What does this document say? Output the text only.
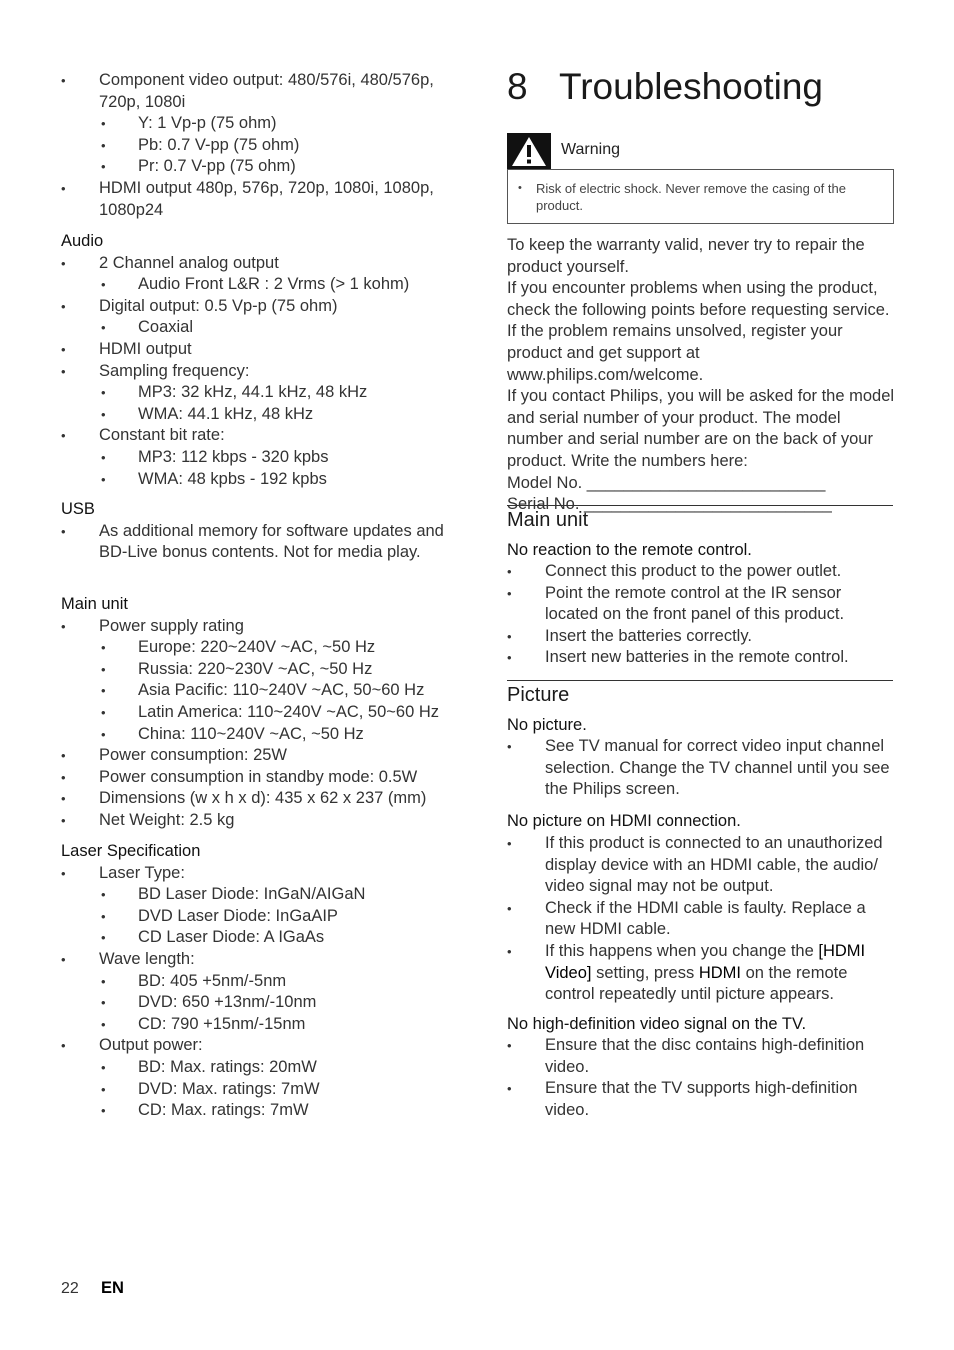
• Component video output: 480/576i, 480/576p, 720p, 1080i
• Y: 1 Vp-p (75 ohm)
• Pb: 0.7 V-pp (75 ohm)
• Pr: 0.7 V-pp (75 ohm)
• HDMI output 480p, 576p, 720p, 1080i, 1080p, 1080p24

Audio

• 2 Channel analog output
• Audio Front L&R : 2 Vrms (> 1 kohm)
• Digital output: 0.5 Vp-p (75 ohm)
• Coaxial
• HDMI output
• Sampling frequency:
• MP3: 32 kHz, 44.1 kHz, 48 kHz
• WMA: 44.1 kHz, 48 kHz
• Constant bit rate:
• MP3: 112 kbps - 320 kpbs
• WMA: 48 kpbs - 192 kpbs

USB

• As additional memory for software updates and BD-Live bonus contents. Not for media play.

Main unit

• Power supply rating
• Europe: 220~240V ~AC, ~50 Hz
• Russia: 220~230V ~AC, ~50 Hz
• Asia Pacific: 110~240V ~AC, 50~60 Hz
• Latin America: 110~240V ~AC, 50~60 Hz
• China: 110~240V ~AC, ~50 Hz
• Power consumption: 25W
• Power consumption in standby mode: 0.5W
• Dimensions (w x h x d): 435 x 62 x 237 (mm)
• Net Weight: 2.5 kg

Laser Specification

• Laser Type:
• BD Laser Diode: InGaN/AIGaN
• DVD Laser Diode: InGaAIP
• CD Laser Diode: A IGaAs
• Wave length:
• BD: 405 +5nm/-5nm
• DVD: 650 +13nm/-10nm
• CD: 790 +15nm/-15nm
• Output power:
• BD: Max. ratings: 20mW
• DVD: Max. ratings: 7mW
• CD: Max. ratings: 7mW
8 Troubleshooting
Warning
• Risk of electric shock. Never remove the casing of the product.

To keep the warranty valid, never try to repair the product yourself.
If you encounter problems when using the product, check the following points before requesting service. If the problem remains unsolved, register your product and get support at www.philips.com/welcome.
If you contact Philips, you will be asked for the model and serial number of your product. The model number and serial number are on the back of your product. Write the numbers here:
Model No. __________________________
Serial No. ___________________________

Main unit

No reaction to the remote control.

• Connect this product to the power outlet.
• Point the remote control at the IR sensor located on the front panel of this product.
• Insert the batteries correctly.
• Insert new batteries in the remote control.
Picture

No picture.

• See TV manual for correct video input channel selection. Change the TV channel until you see the Philips screen.

No picture on HDMI connection.

• If this product is connected to an unauthorized display device with an HDMI cable, the audio/ video signal may not be output.
• Check if the HDMI cable is faulty. Replace a new HDMI cable.
• If this happens when you change the [HDMI Video] setting, press HDMI on the remote control repeatedly until picture appears.

No high-definition video signal on the TV.

• Ensure that the disc contains high-definition video.
• Ensure that the TV supports high-definition video.
22 EN
